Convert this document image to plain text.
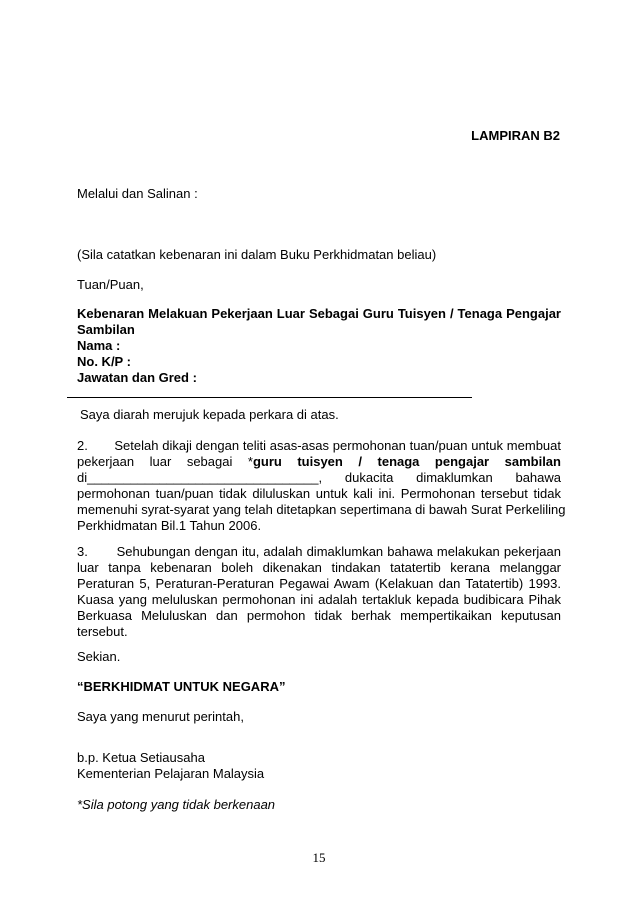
LAMPIRAN B2
Melalui dan Salinan :
(Sila catatkan kebenaran ini dalam Buku Perkhidmatan beliau)
Tuan/Puan,
Kebenaran Melakuan Pekerjaan Luar Sebagai Guru Tuisyen / Tenaga Pengajar
Sambilan
Nama :
No. K/P :
Jawatan dan Gred :
Saya diarah merujuk kepada perkara di atas.
2.       Setelah dikaji dengan teliti asas-asas permohonan tuan/puan untuk membuat
pekerjaan luar sebagai *guru tuisyen / tenaga pengajar sambilan
di________________________________, dukacita dimaklumkan bahawa
permohonan tuan/puan tidak diluluskan untuk kali ini. Permohonan tersebut tidak
memenuhi syrat-syarat yang telah ditetapkan sepertimana di bawah Surat Perkeliling
Perkhidmatan Bil.1 Tahun 2006.
3.       Sehubungan dengan itu, adalah dimaklumkan bahawa melakukan pekerjaan
luar tanpa kebenaran boleh dikenakan tindakan tatatertib kerana melanggar
Peraturan 5, Peraturan-Peraturan Pegawai Awam (Kelakuan dan Tatatertib) 1993.
Kuasa yang meluluskan permohonan ini adalah tertakluk kepada budibicara Pihak
Berkuasa Meluluskan dan permohon tidak berhak mempertikaikan keputusan
tersebut.
Sekian.
“BERKHIDMAT UNTUK NEGARA”
Saya yang menurut perintah,
b.p. Ketua Setiausaha
Kementerian Pelajaran Malaysia
*Sila potong yang tidak berkenaan
15
